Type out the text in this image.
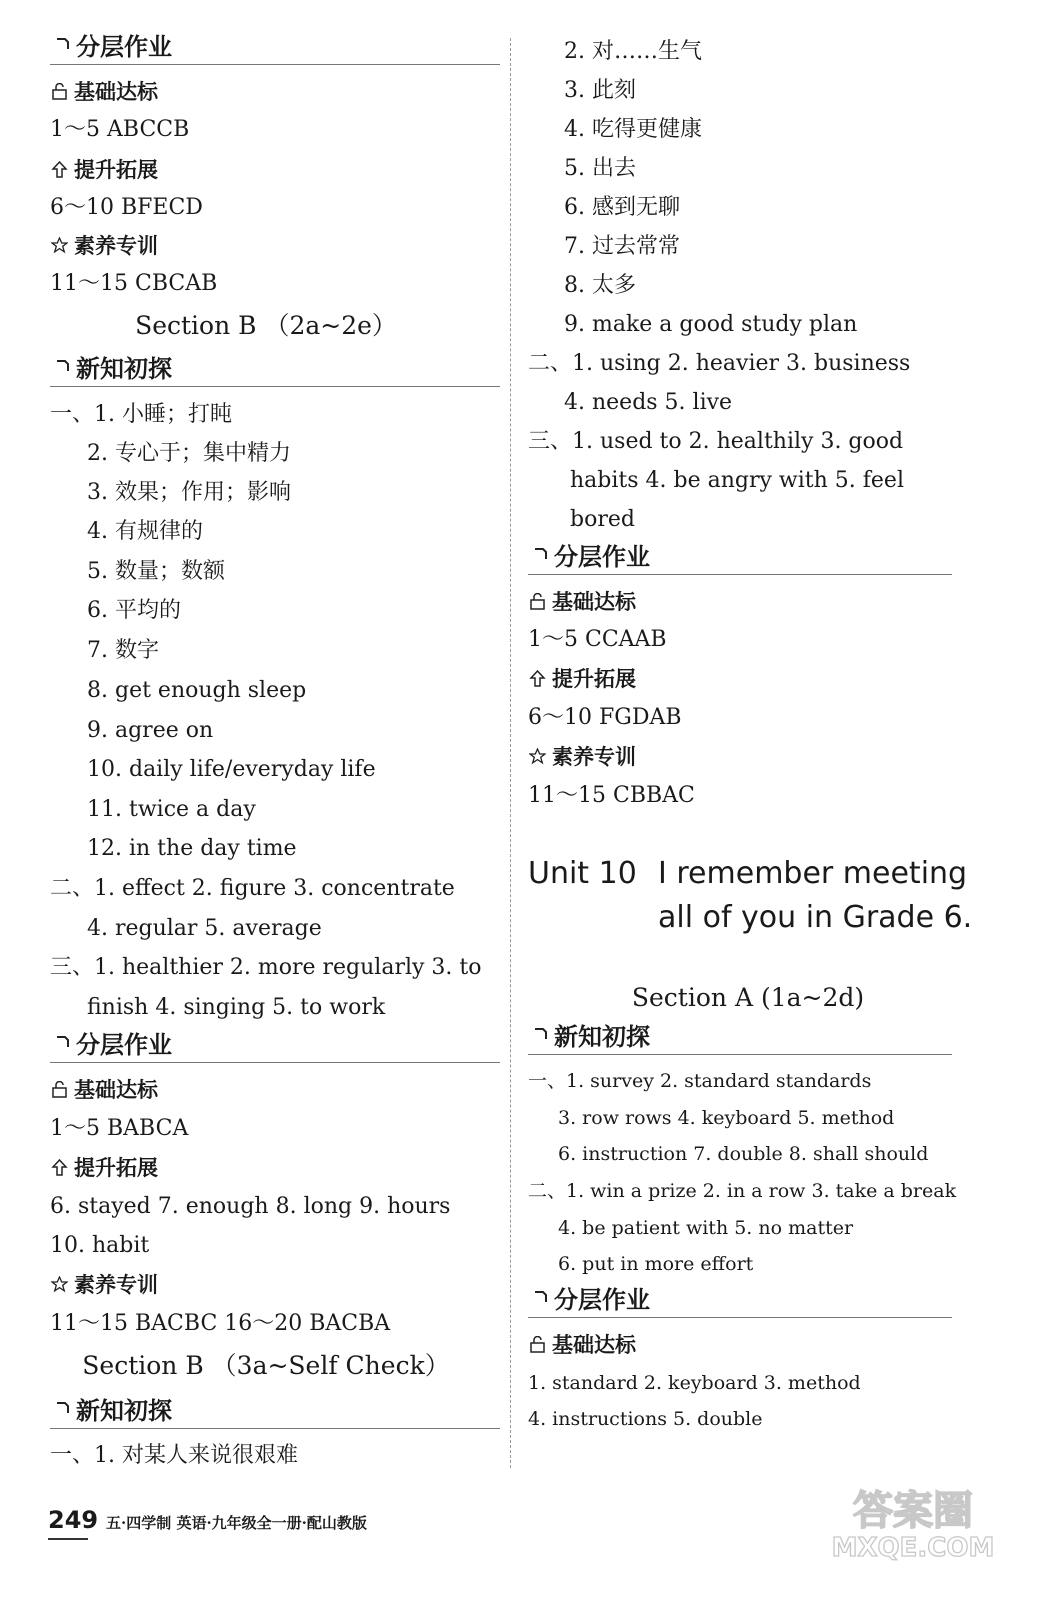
分层作业
基础达标
1～5 ABCCB
提升拓展
6～10 BFECD
素养专训
11～15 CBCAB
Section B （2a~2e）
新知初探
一、1. 小睡；打盹
2. 专心于；集中精力
3. 效果；作用；影响
4. 有规律的
5. 数量；数额
6. 平均的
7. 数字
8. get enough sleep
9. agree on
10. daily life/everyday life
11. twice a day
12. in the day time
二、1. effect 2. figure 3. concentrate
4. regular 5. average
三、1. healthier 2. more regularly 3. to
finish 4. singing 5. to work
分层作业
基础达标
1～5 BABCA
提升拓展
6. stayed 7. enough 8. long 9. hours
10. habit
素养专训
11～15 BACBC 16～20 BACBA
Section B （3a~Self Check）
新知初探
一、1. 对某人来说很艰难
2. 对……生气
3. 此刻
4. 吃得更健康
5. 出去
6. 感到无聊
7. 过去常常
8. 太多
9. make a good study plan
二、1. using 2. heavier 3. business
4. needs 5. live
三、1. used to 2. healthily 3. good
habits 4. be angry with 5. feel
bored
分层作业
基础达标
1～5 CCAAB
提升拓展
6～10 FGDAB
素养专训
11～15 CBBAC
Unit 10 I remember meeting
all of you in Grade 6.
Section A (1a~2d)
新知初探
一、1. survey 2. standard standards
3. row rows 4. keyboard 5. method
6. instruction 7. double 8. shall should
二、1. win a prize 2. in a row 3. take a break
4. be patient with 5. no matter
6. put in more effort
分层作业
基础达标
1. standard 2. keyboard 3. method
4. instructions 5. double
249 五·四学制 英语·九年级全一册·配山教版	答案圈
MXQE.COM
